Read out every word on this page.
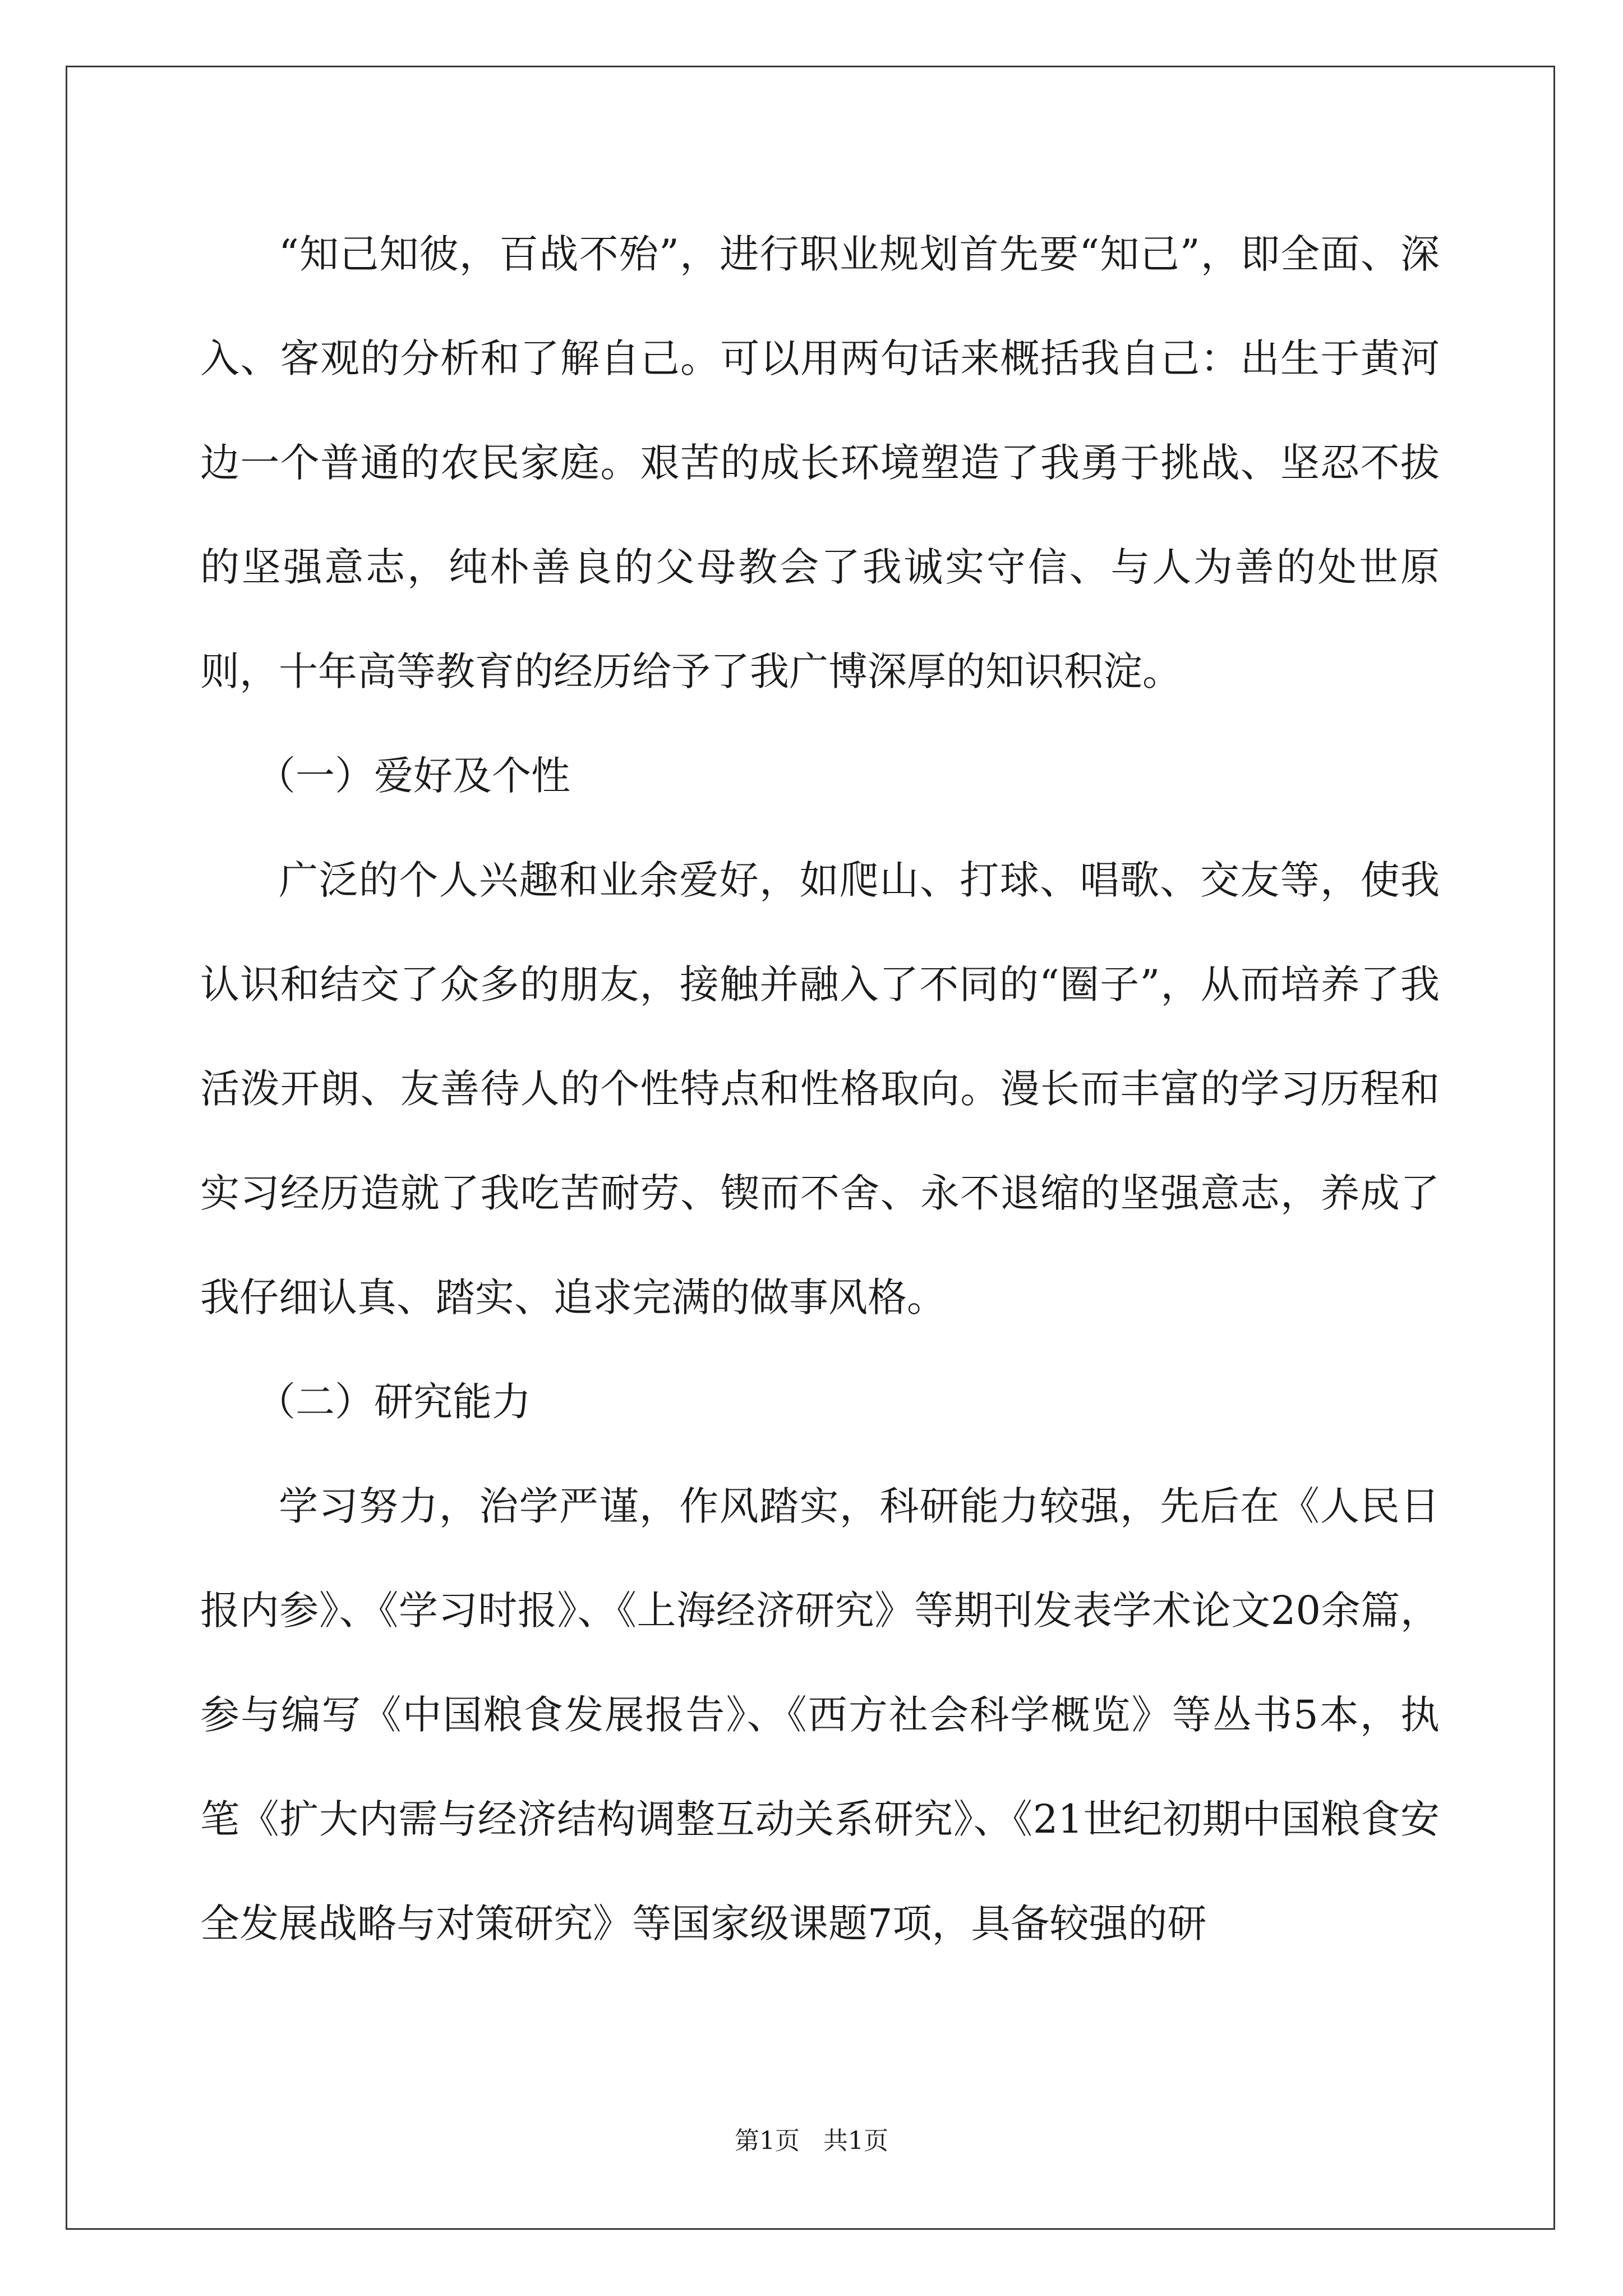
“知己知彼，百战不殆”，进行职业规划首先要“知己”，即全面、深入、客观的分析和了解自己。可以用两句话来概括我自己：出生于黄河边一个普通的农民家庭。艰苦的成长环境塑造了我勇于挑战、坚忍不拔的坚强意志，纯朴善良的父母教会了我诚实守信、与人为善的处世原则，十年高等教育的经历给予了我广博深厚的知识积淀。

（一）爱好及个性

广泛的个人兴趣和业余爱好，如爬山、打球、唱歌、交友等，使我认识和结交了众多的朋友，接触并融入了不同的“圈子”，从而培养了我活泼开朗、友善待人的个性特点和性格取向。漫长而丰富的学习历程和实习经历造就了我吃苦耐劳、锲而不舍、永不退缩的坚强意志，养成了我仔细认真、踏实、追求完满的做事风格。

（二）研究能力

学习努力，治学严谨，作风踏实，科研能力较强，先后在《人民日报内参》、《学习时报》、《上海经济研究》等期刊发表学术论文20余篇，参与编写《中国粮食发展报告》、《西方社会科学概览》等丛书5本，执笔《扩大内需与经济结构调整互动关系研究》、《21世纪初期中国粮食安全发展战略与对策研究》等国家级课题7项，具备较强的研

第1页 共1页
